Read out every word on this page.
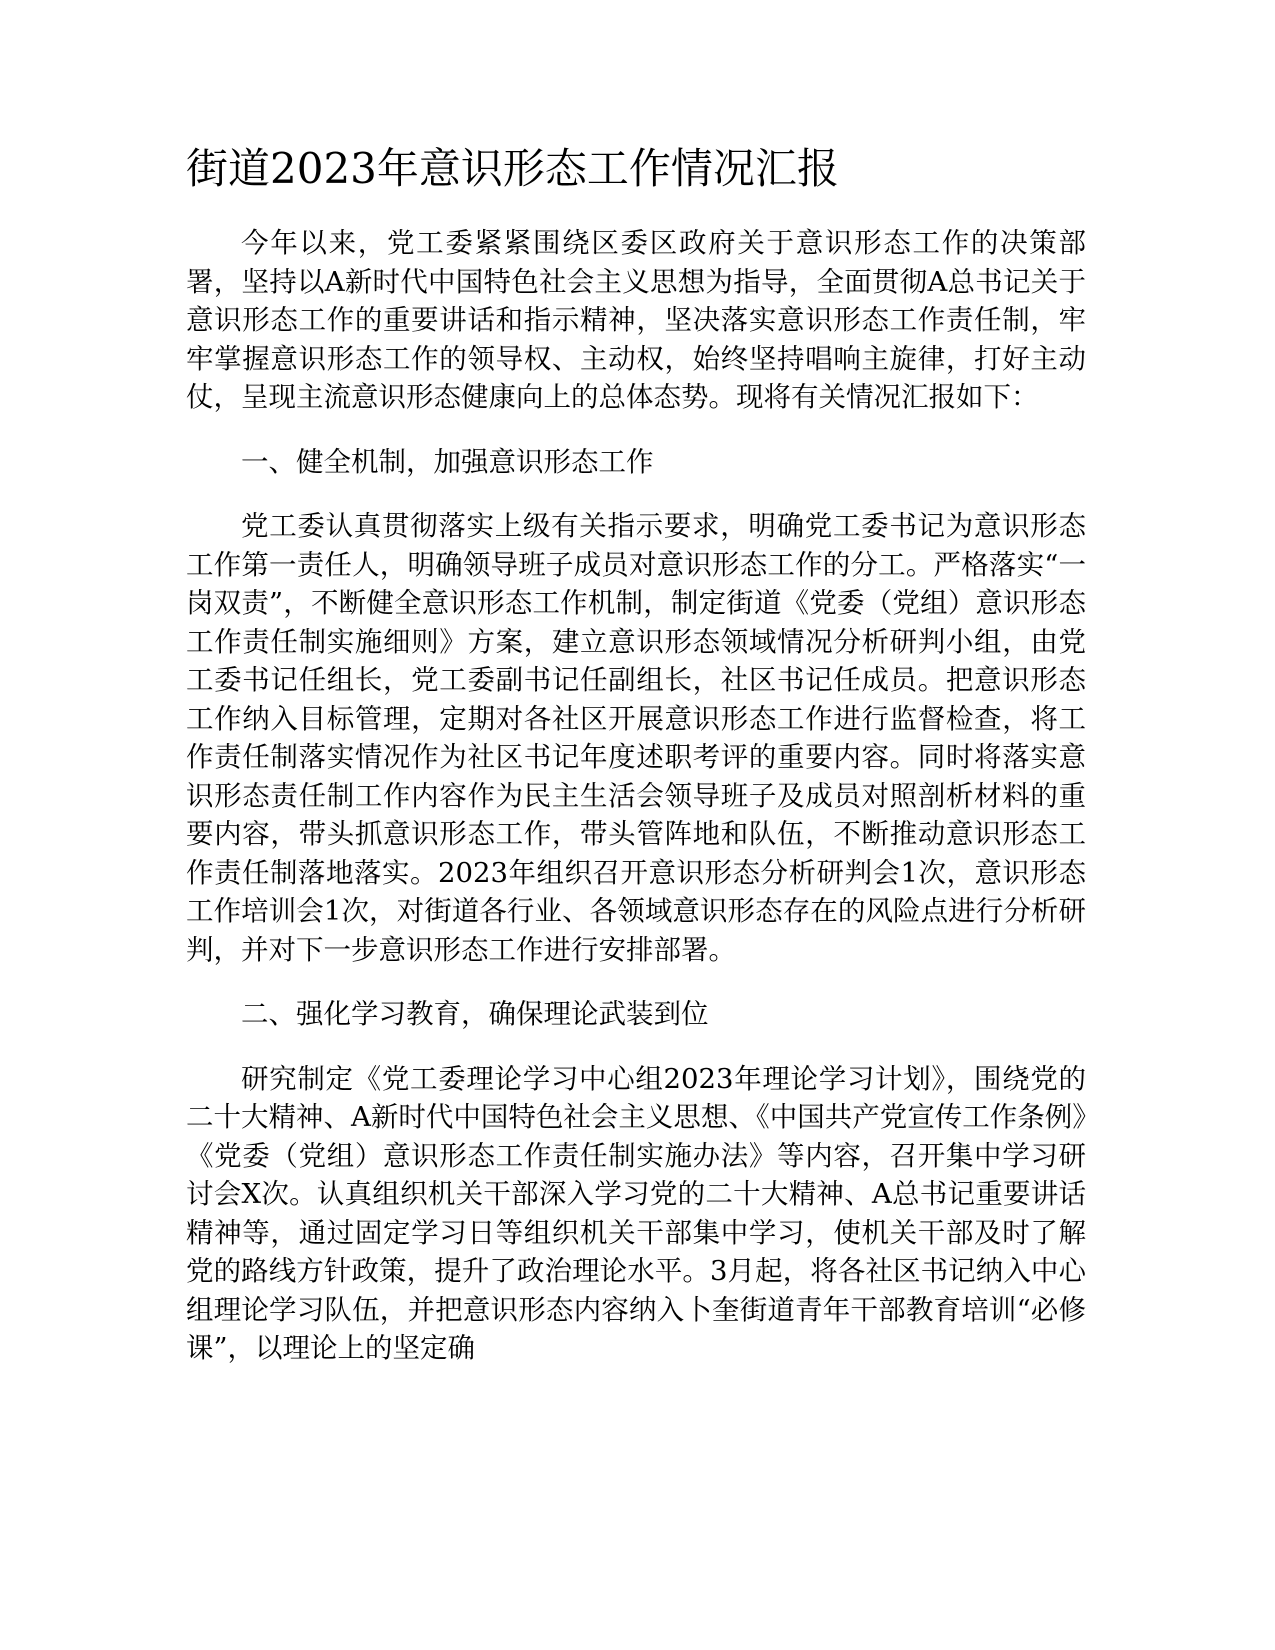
街道2023年意识形态工作情况汇报

今年以来，党工委紧紧围绕区委区政府关于意识形态工作的决策部署，坚持以A新时代中国特色社会主义思想为指导，全面贯彻A总书记关于意识形态工作的重要讲话和指示精神，坚决落实意识形态工作责任制，牢牢掌握意识形态工作的领导权、主动权，始终坚持唱响主旋律，打好主动仗，呈现主流意识形态健康向上的总体态势。现将有关情况汇报如下：

一、健全机制，加强意识形态工作

党工委认真贯彻落实上级有关指示要求，明确党工委书记为意识形态工作第一责任人，明确领导班子成员对意识形态工作的分工。严格落实“一岗双责”，不断健全意识形态工作机制，制定街道《党委（党组）意识形态工作责任制实施细则》方案，建立意识形态领域情况分析研判小组，由党工委书记任组长，党工委副书记任副组长，社区书记任成员。把意识形态工作纳入目标管理，定期对各社区开展意识形态工作进行监督检查，将工作责任制落实情况作为社区书记年度述职考评的重要内容。同时将落实意识形态责任制工作内容作为民主生活会领导班子及成员对照剖析材料的重要内容，带头抓意识形态工作，带头管阵地和队伍，不断推动意识形态工作责任制落地落实。2023年组织召开意识形态分析研判会1次，意识形态工作培训会1次，对街道各行业、各领域意识形态存在的风险点进行分析研判，并对下一步意识形态工作进行安排部署。

二、强化学习教育，确保理论武装到位

研究制定《党工委理论学习中心组2023年理论学习计划》，围绕党的二十大精神、A新时代中国特色社会主义思想、《中国共产党宣传工作条例》《党委（党组）意识形态工作责任制实施办法》等内容，召开集中学习研讨会X次。认真组织机关干部深入学习党的二十大精神、A总书记重要讲话精神等，通过固定学习日等组织机关干部集中学习，使机关干部及时了解党的路线方针政策，提升了政治理论水平。3月起，将各社区书记纳入中心组理论学习队伍，并把意识形态内容纳入卜奎街道青年干部教育培训“必修课”，以理论上的坚定确
